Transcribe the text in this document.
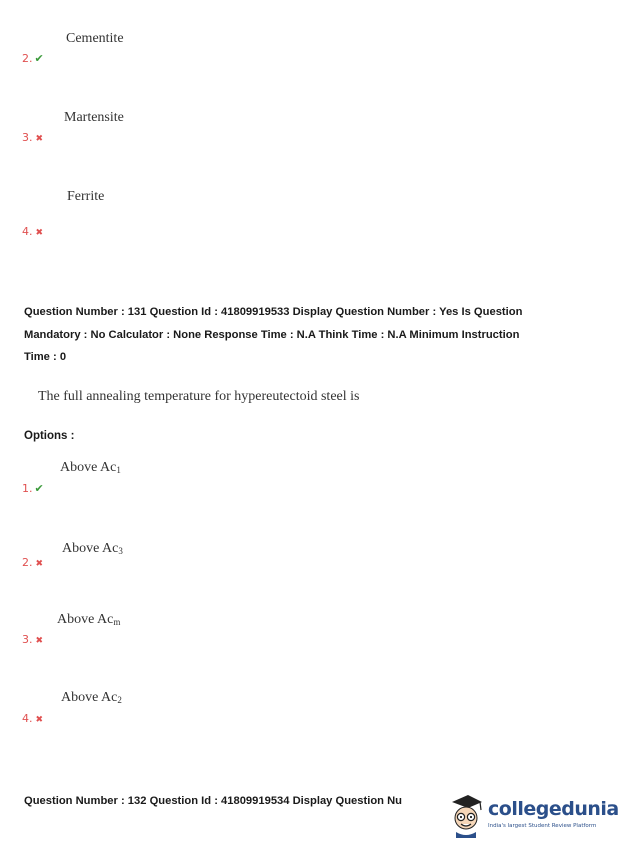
Cementite
2. ✔
Martensite
3. ✖
Ferrite
4. ✖
Question Number : 131 Question Id : 41809919533 Display Question Number : Yes Is Question
Mandatory : No Calculator : None Response Time : N.A Think Time : N.A Minimum Instruction
Time : 0
The full annealing temperature for hypereutectoid steel is
Options :
Above $Ac_1$
1. ✔
Above $Ac_3$
2. ✖
Above $Ac_m$
3. ✖
Above $Ac_2$
4. ✖
Question Number : 132 Question Id : 41809919534 Display Question Nu	collegedunia
India's largest Student Review Platform
